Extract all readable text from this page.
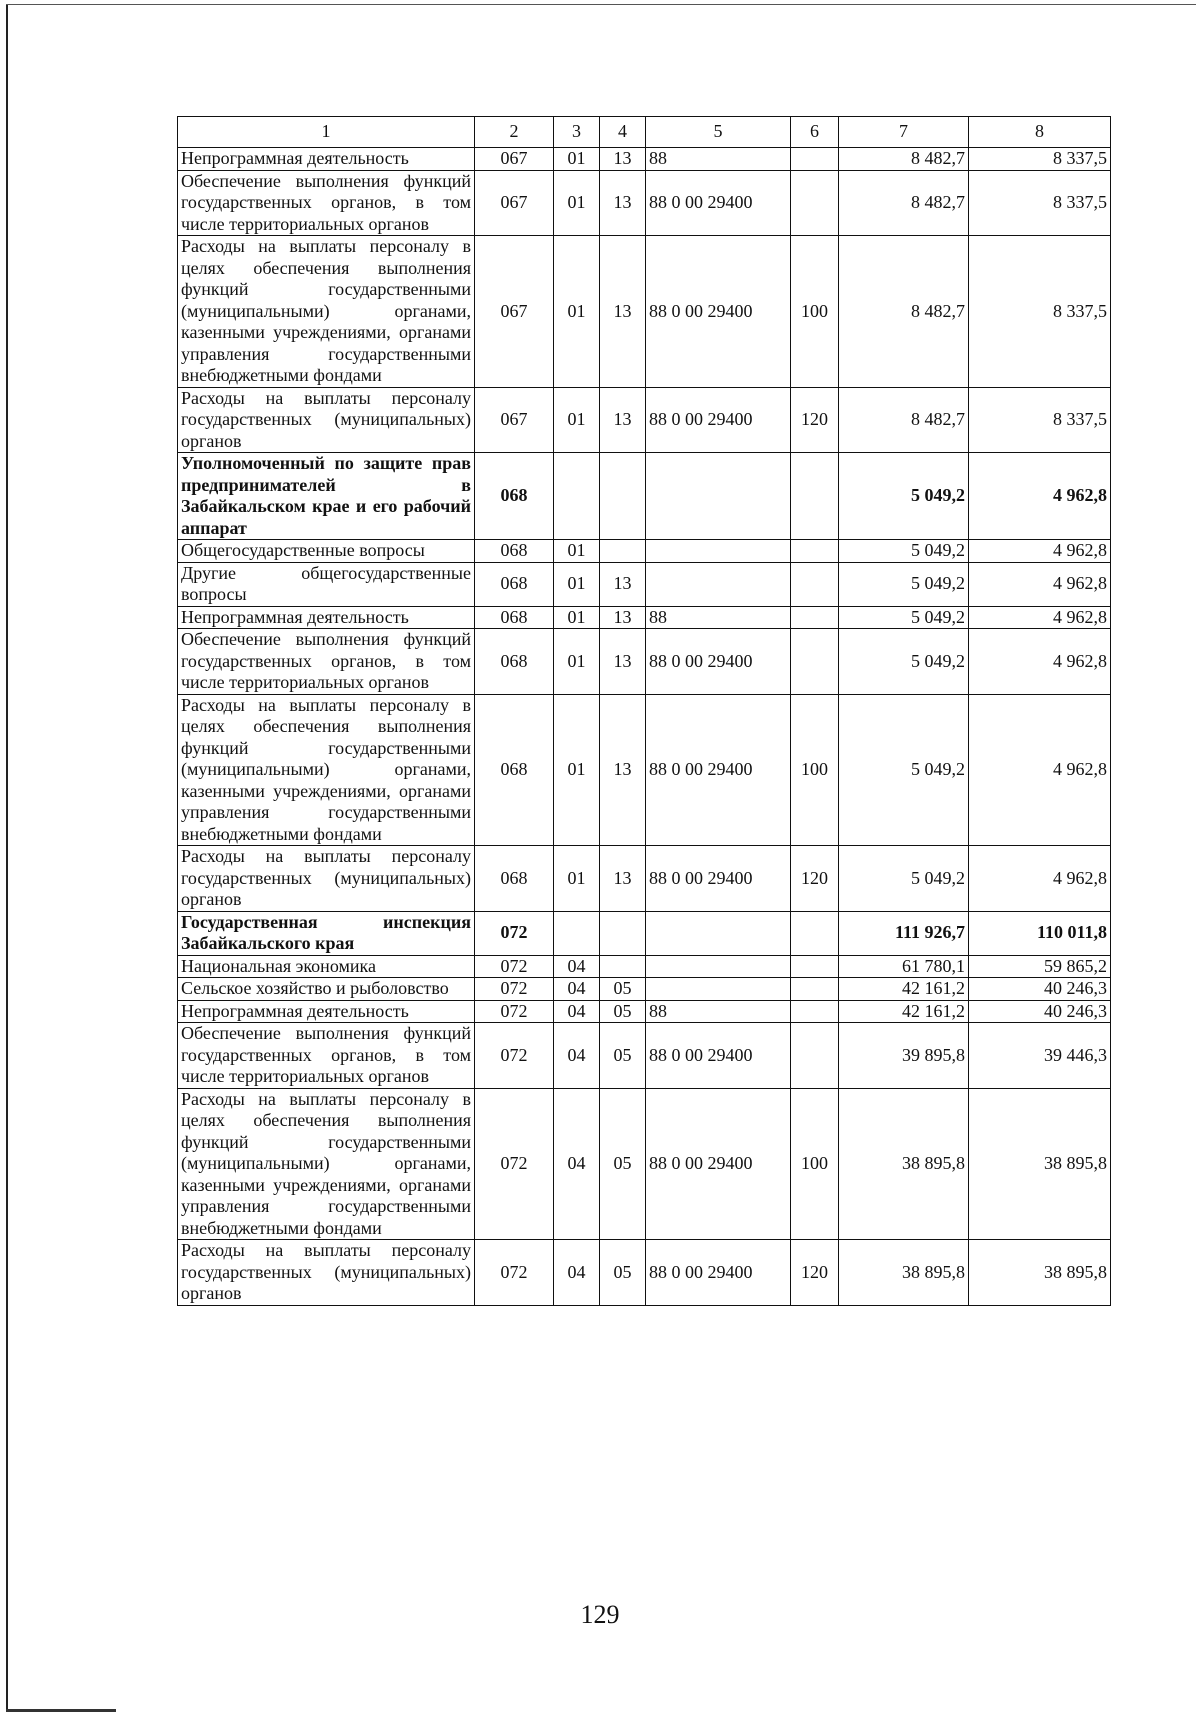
1	2	3	4	5	6	7	8
Непрограммная деятельность	067	01	13	88		8 482,7	8 337,5
Обеспечение выполнения функций государственных органов, в том числе территориальных органов	067	01	13	88 0 00 29400		8 482,7	8 337,5
Расходы на выплаты персоналу в целях обеспечения выполнения функций государственными (муниципальными) органами, казенными учреждениями, органами управления государственными внебюджетными фондами	067	01	13	88 0 00 29400	100	8 482,7	8 337,5
Расходы на выплаты персоналу государственных (муниципальных) органов	067	01	13	88 0 00 29400	120	8 482,7	8 337,5
Уполномоченный по защите прав предпринимателей в Забайкальском крае и его рабочий аппарат	068					5 049,2	4 962,8
Общегосударственные вопросы	068	01				5 049,2	4 962,8
Другие общегосударственные вопросы	068	01	13			5 049,2	4 962,8
Непрограммная деятельность	068	01	13	88		5 049,2	4 962,8
Обеспечение выполнения функций государственных органов, в том числе территориальных органов	068	01	13	88 0 00 29400		5 049,2	4 962,8
Расходы на выплаты персоналу в целях обеспечения выполнения функций государственными (муниципальными) органами, казенными учреждениями, органами управления государственными внебюджетными фондами	068	01	13	88 0 00 29400	100	5 049,2	4 962,8
Расходы на выплаты персоналу государственных (муниципальных) органов	068	01	13	88 0 00 29400	120	5 049,2	4 962,8
Государственная инспекция Забайкальского края	072					111 926,7	110 011,8
Национальная экономика	072	04				61 780,1	59 865,2
Сельское хозяйство и рыболовство	072	04	05			42 161,2	40 246,3
Непрограммная деятельность	072	04	05	88		42 161,2	40 246,3
Обеспечение выполнения функций государственных органов, в том числе территориальных органов	072	04	05	88 0 00 29400		39 895,8	39 446,3
Расходы на выплаты персоналу в целях обеспечения выполнения функций государственными (муниципальными) органами, казенными учреждениями, органами управления государственными внебюджетными фондами	072	04	05	88 0 00 29400	100	38 895,8	38 895,8
Расходы на выплаты персоналу государственных (муниципальных) органов	072	04	05	88 0 00 29400	120	38 895,8	38 895,8
129
